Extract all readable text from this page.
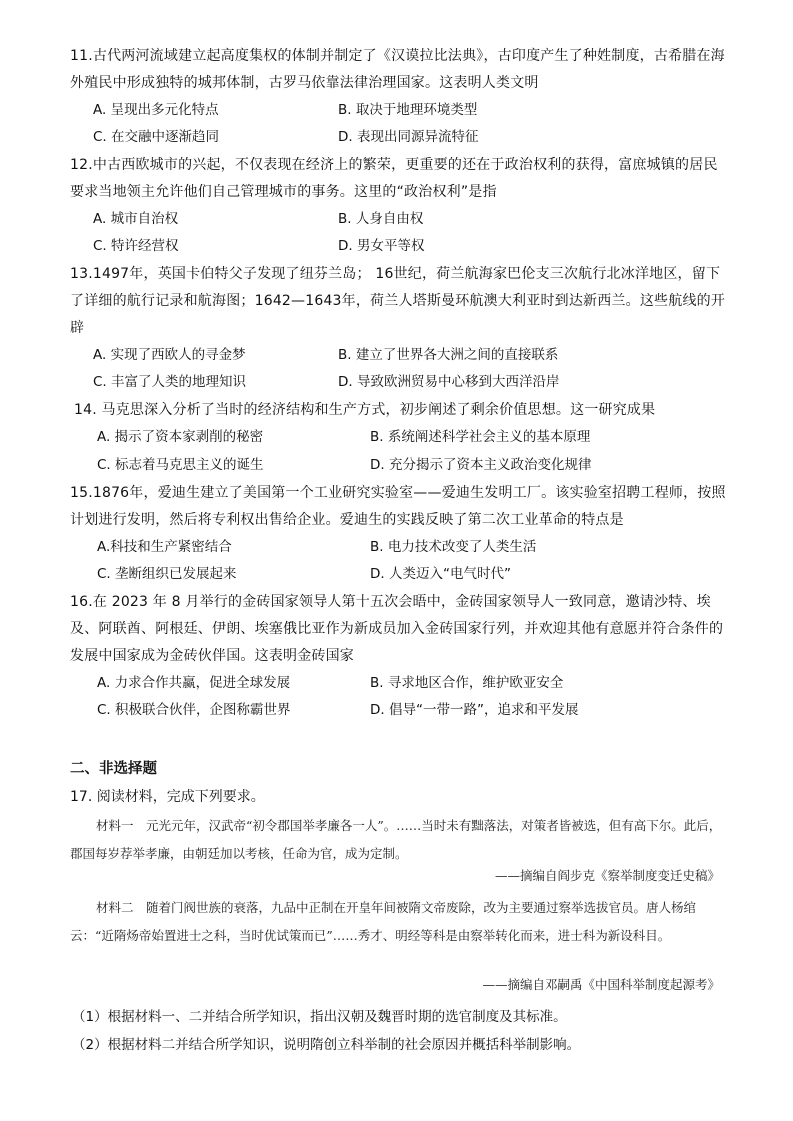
11.古代两河流域建立起高度集权的体制并制定了《汉谟拉比法典》，古印度产生了种姓制度，古希腊在海外殖民中形成独特的城邦体制，古罗马依靠法律治理国家。这表明人类文明
A. 呈现出多元化特点	B. 取决于地理环境类型
C. 在交融中逐渐趋同	D. 表现出同源异流特征
12.中古西欧城市的兴起，不仅表现在经济上的繁荣，更重要的还在于政治权利的获得，富庶城镇的居民要求当地领主允许他们自己管理城市的事务。这里的“政治权利”是指
A. 城市自治权	B. 人身自由权
C. 特许经营权	D. 男女平等权
13.1497年，英国卡伯特父子发现了纽芬兰岛； 16世纪，荷兰航海家巴伦支三次航行北冰洋地区，留下了详细的航行记录和航海图；1642—1643年，荷兰人塔斯曼环航澳大利亚时到达新西兰。这些航线的开辟
A. 实现了西欧人的寻金梦	B. 建立了世界各大洲之间的直接联系
C. 丰富了人类的地理知识	D. 导致欧洲贸易中心移到大西洋沿岸
14. 马克思深入分析了当时的经济结构和生产方式，初步阐述了剩余价值思想。这一研究成果
A. 揭示了资本家剥削的秘密	B. 系统阐述科学社会主义的基本原理
C. 标志着马克思主义的诞生	D. 充分揭示了资本主义政治变化规律
15.1876年，爱迪生建立了美国第一个工业研究实验室——爱迪生发明工厂。该实验室招聘工程师，按照计划进行发明，然后将专利权出售给企业。爱迪生的实践反映了第二次工业革命的特点是
A.科技和生产紧密结合	B. 电力技术改变了人类生活
C. 垄断组织已发展起来	D. 人类迈入“电气时代”
16.在 2023 年 8 月举行的金砖国家领导人第十五次会晤中，金砖国家领导人一致同意，邀请沙特、埃及、阿联酋、阿根廷、伊朗、埃塞俄比亚作为新成员加入金砖国家行列，并欢迎其他有意愿并符合条件的发展中国家成为金砖伙伴国。这表明金砖国家
A. 力求合作共赢，促进全球发展	B. 寻求地区合作，维护欧亚安全
C. 积极联合伙伴，企图称霸世界	D. 倡导“一带一路”，追求和平发展
二、非选择题
17. 阅读材料，完成下列要求。
材料一　元光元年，汉武帝“初令郡国举孝廉各一人”。……当时未有黜落法，对策者皆被选，但有高下尔。此后，郡国每岁荐举孝廉，由朝廷加以考核，任命为官，成为定制。
——摘编自阎步克《察举制度变迁史稿》
材料二　随着门阀世族的衰落，九品中正制在开皇年间被隋文帝废除，改为主要通过察举选拔官员。唐人杨绾云：“近隋炀帝始置进士之科，当时优试策而已”……秀才、明经等科是由察举转化而来，进士科为新设科目。
——摘编自邓嗣禹《中国科举制度起源考》
（1）根据材料一、二并结合所学知识，指出汉朝及魏晋时期的选官制度及其标准。
（2）根据材料二并结合所学知识，说明隋创立科举制的社会原因并概括科举制影响。
